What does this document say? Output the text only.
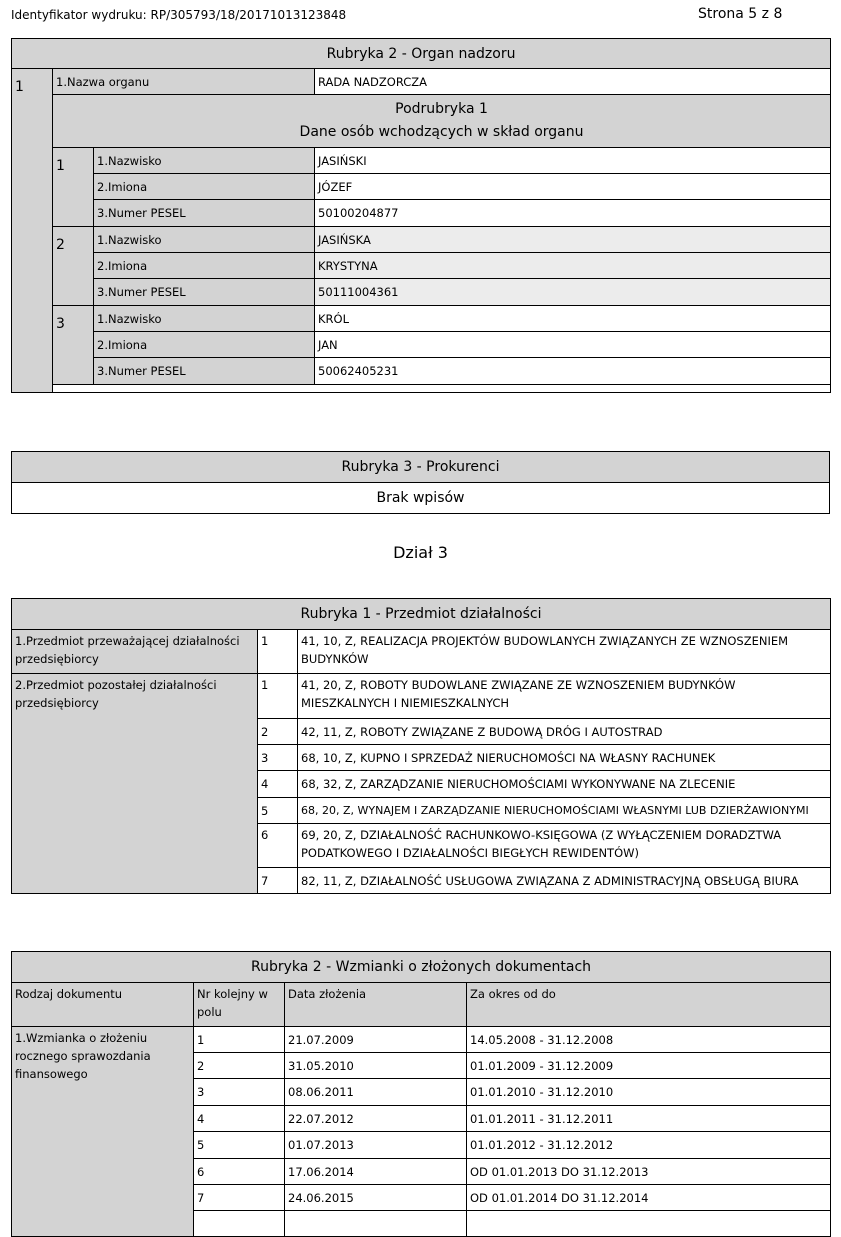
Identyfikator wydruku: RP/305793/18/20171013123848	Strona 5 z 8
Rubryka 2 - Organ nadzoru			
1	1.Nazwa organu		RADA NADZORCZA

	Podrubryka 1
Dane osób wchodzących w skład organu		

	1	1.Nazwisko	JASIŃSKI
		2.Imiona	JÓZEF
		3.Numer PESEL	50100204877
	2	1.Nazwisko	JASIŃSKA
		2.Imiona	KRYSTYNA
		3.Numer PESEL	50111004361
	3	1.Nazwisko	KRÓL
		2.Imiona	JAN
		3.Numer PESEL	50062405231

Rubryka 3 - Prokurenci
Brak wpisów
Dział 3
Rubryka 1 - Przedmiot działalności		
1.Przedmiot przeważającej działalności przedsiębiorcy	1	41, 10, Z, REALIZACJA PROJEKTÓW BUDOWLANYCH ZWIĄZANYCH ZE WZNOSZENIEM BUDYNKÓW
2.Przedmiot pozostałej działalności przedsiębiorcy	1	41, 20, Z, ROBOTY BUDOWLANE ZWIĄZANE ZE WZNOSZENIEM BUDYNKÓW MIESZKALNYCH I NIEMIESZKALNYCH
	2	42, 11, Z, ROBOTY ZWIĄZANE Z BUDOWĄ DRÓG I AUTOSTRAD
	3	68, 10, Z, KUPNO I SPRZEDAŻ NIERUCHOMOŚCI NA WŁASNY RACHUNEK
	4	68, 32, Z, ZARZĄDZANIE NIERUCHOMOŚCIAMI WYKONYWANE NA ZLECENIE
	5	68, 20, Z, WYNAJEM I ZARZĄDZANIE NIERUCHOMOŚCIAMI WŁASNYMI LUB DZIERŻAWIONYMI
	6	69, 20, Z, DZIAŁALNOŚĆ RACHUNKOWO-KSIĘGOWA (Z WYŁĄCZENIEM DORADZTWA PODATKOWEGO I DZIAŁALNOŚCI BIEGŁYCH REWIDENTÓW)
	7	82, 11, Z, DZIAŁALNOŚĆ USŁUGOWA ZWIĄZANA Z ADMINISTRACYJNĄ OBSŁUGĄ BIURA
Rubryka 2 - Wzmianki o złożonych dokumentach			
Rodzaj dokumentu	Nr kolejny w polu	Data złożenia	Za okres od do
1.Wzmianka o złożeniu rocznego sprawozdania finansowego	1	21.07.2009	14.05.2008 - 31.12.2008
	2	31.05.2010	01.01.2009 - 31.12.2009
	3	08.06.2011	01.01.2010 - 31.12.2010
	4	22.07.2012	01.01.2011 - 31.12.2011
	5	01.07.2013	01.01.2012 - 31.12.2012
	6	17.06.2014	OD 01.01.2013 DO 31.12.2013
	7	24.06.2015	OD 01.01.2014 DO 31.12.2014
